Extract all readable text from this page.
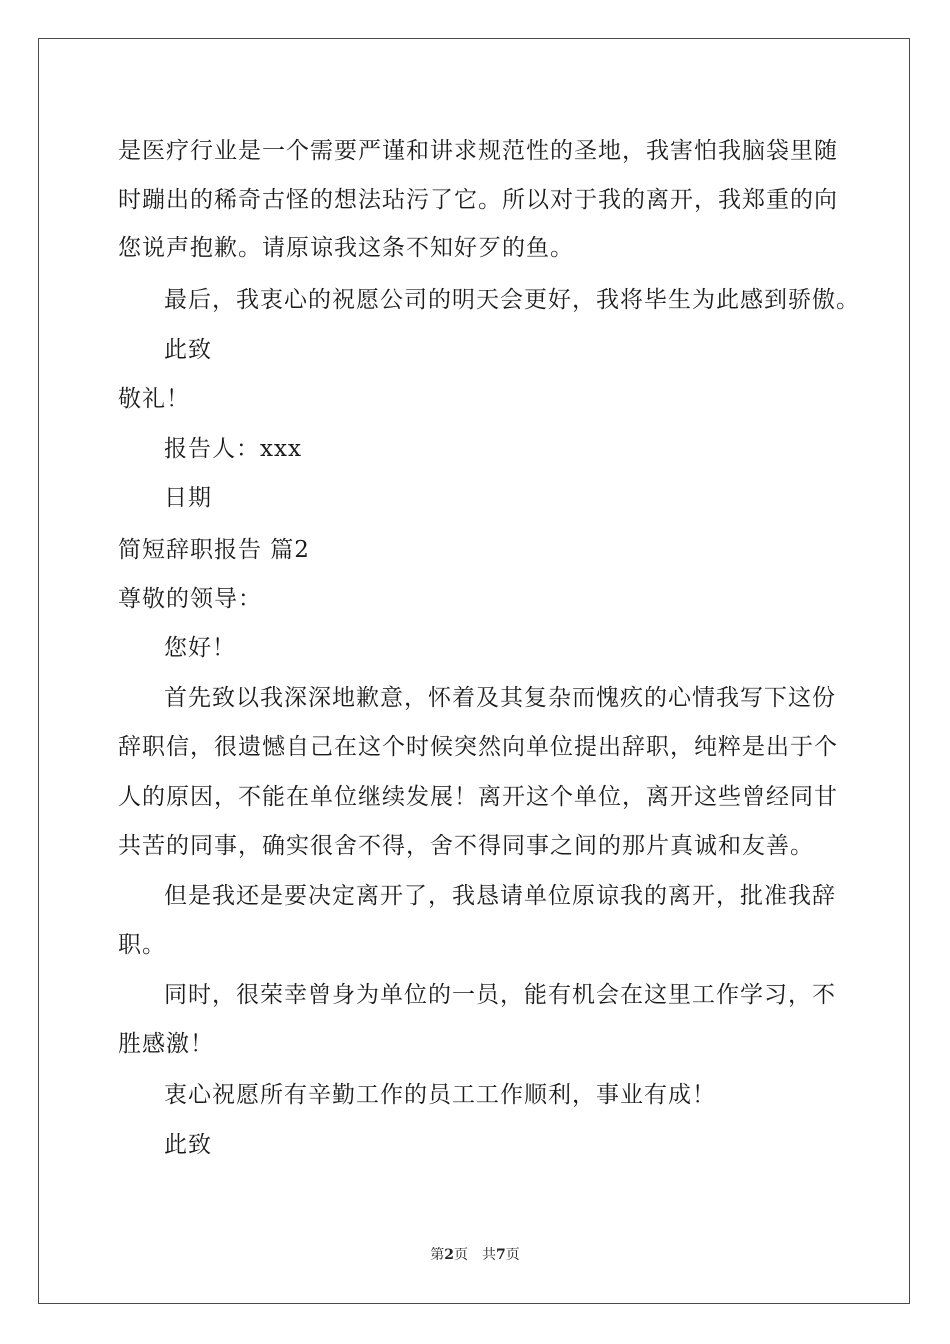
是医疗行业是一个需要严谨和讲求规范性的圣地，我害怕我脑袋里随
时蹦出的稀奇古怪的想法玷污了它。所以对于我的离开，我郑重的向
您说声抱歉。请原谅我这条不知好歹的鱼。
最后，我衷心的祝愿公司的明天会更好，我将毕生为此感到骄傲。
此致
敬礼！
报告人：xxx
日期
简短辞职报告 篇2
尊敬的领导：
您好！
首先致以我深深地歉意，怀着及其复杂而愧疚的心情我写下这份
辞职信，很遗憾自己在这个时候突然向单位提出辞职，纯粹是出于个
人的原因，不能在单位继续发展！离开这个单位，离开这些曾经同甘
共苦的同事，确实很舍不得，舍不得同事之间的那片真诚和友善。
但是我还是要决定离开了，我恳请单位原谅我的离开，批准我辞
职。
同时，很荣幸曾身为单位的一员，能有机会在这里工作学习，不
胜感激！
衷心祝愿所有辛勤工作的员工工作顺利，事业有成！
此致
第2页 共7页
